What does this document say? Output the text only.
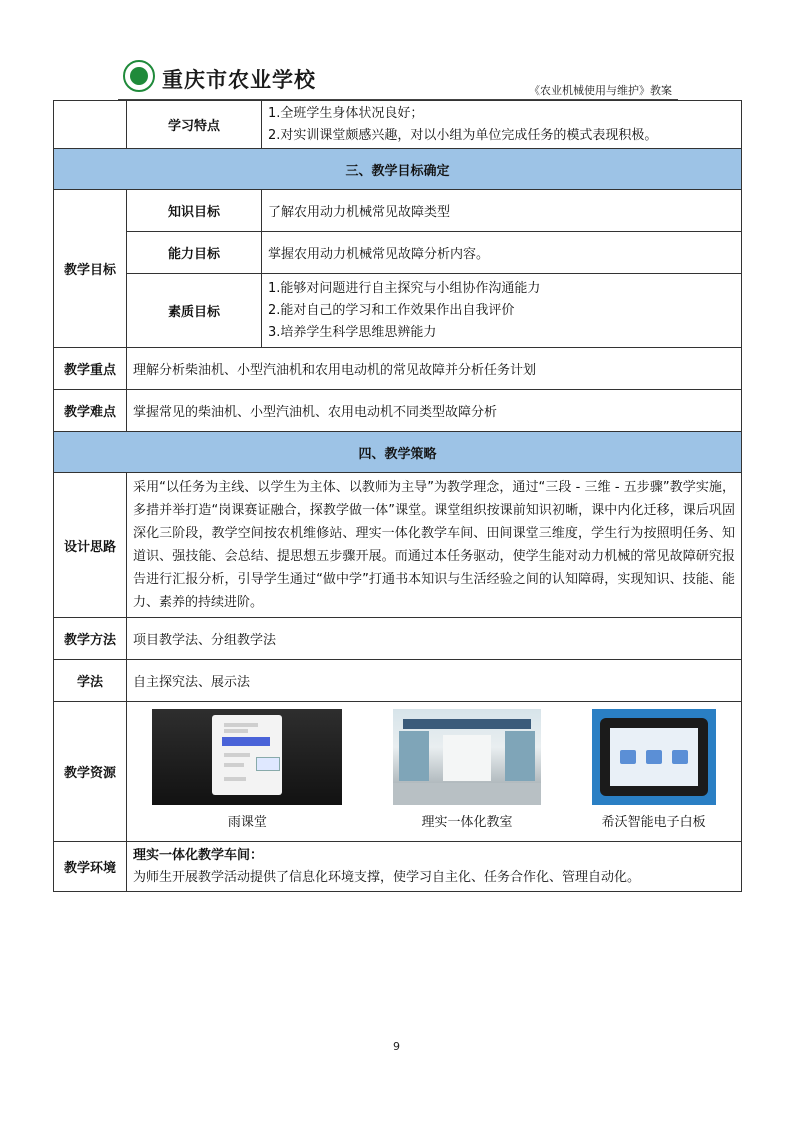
重庆市农业学校	《农业机械使用与维护》教案
	学习特点	1.全班学生身体状况良好；
2.对实训课堂颇感兴趣，对以小组为单位完成任务的模式表现积极。

三、教学目标确定		
教学目标	知识目标	了解农用动力机械常见故障类型
	能力目标	掌握农用动力机械常见故障分析内容。
	素质目标	1.能够对问题进行自主探究与小组协作沟通能力
2.能对自己的学习和工作效果作出自我评价
3.培养学生科学思维思辨能力

教学重点	理解分析柴油机、小型汽油机和农用电动机的常见故障并分析任务计划	
教学难点	掌握常见的柴油机、小型汽油机、农用电动机不同类型故障分析	
四、教学策略		
设计思路	采用“以任务为主线、以学生为主体、以教师为主导”为教学理念，通过“三段 - 三维 - 五步骤”教学实施，多措并举打造“岗课赛证融合，探教学做一体”课堂。课堂组织按课前知识初晰，课中内化迁移，课后巩固深化三阶段，教学空间按农机维修站、理实一体化教学车间、田间课堂三维度，学生行为按照明任务、知道识、强技能、会总结、提思想五步骤开展。而通过本任务驱动，使学生能对动力机械的常见故障研究报告进行汇报分析，引导学生通过“做中学”打通书本知识与生活经验之间的认知障碍，实现知识、技能、能力、素养的持续进阶。	
教学方法	项目教学法、分组教学法	
学法	自主探究法、展示法	
教学资源	雨课堂 理实一体化教室 希沃智能电子白板	

教学环境	理实一体化教学车间：
为师生开展教学活动提供了信息化环境支撑，使学习自主化、任务合作化、管理自动化。	
9
